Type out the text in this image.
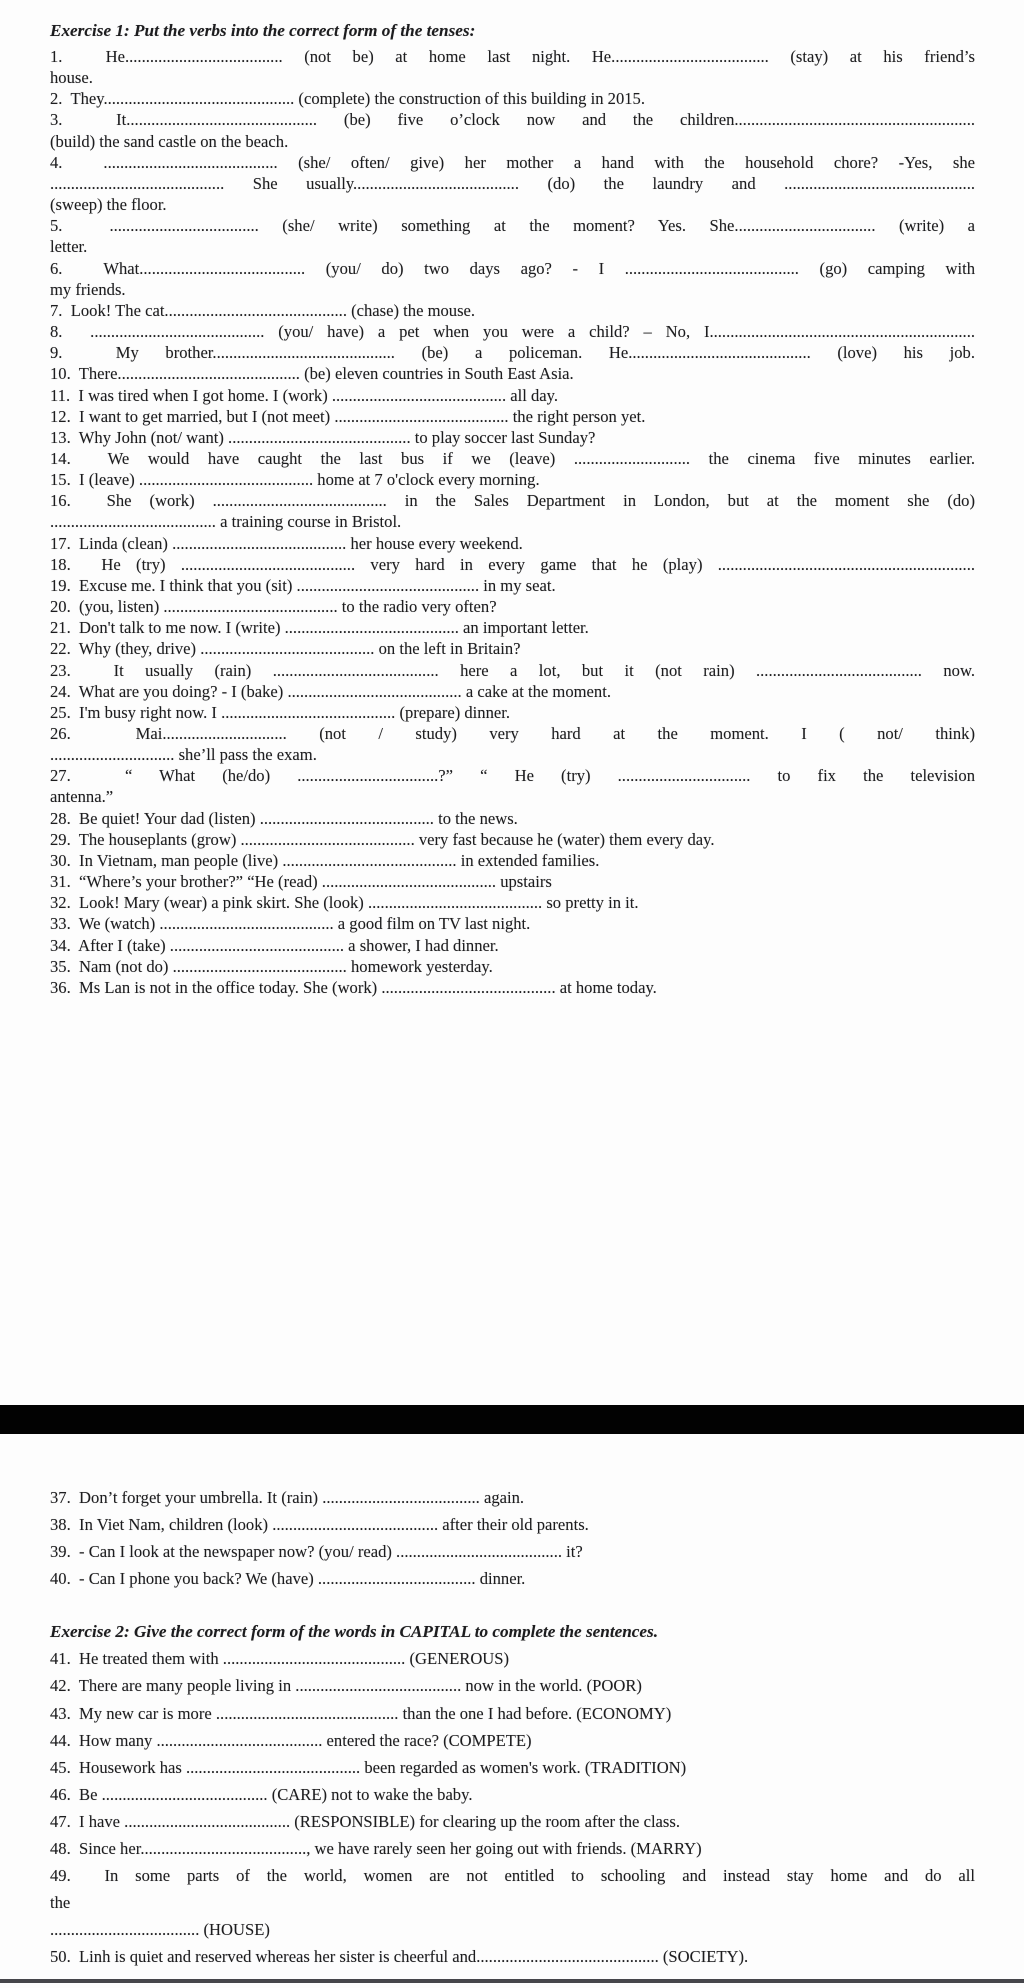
Exercise 1: Put the verbs into the correct form of the tenses:

1.  He...................................... (not be) at home last night. He...................................... (stay) at his friend’s

house.

2.  They.............................................. (complete) the construction of this building in 2015.

3.  It.............................................. (be) five o’clock now and the children..........................................................

(build) the sand castle on the beach.

4.  .......................................... (she/ often/ give) her mother a hand with the household chore? -Yes, she

.......................................... She usually........................................ (do) the laundry and ..............................................

(sweep) the floor.

5.  .................................... (she/ write) something at the moment? Yes. She.................................. (write) a

letter.

6.  What........................................ (you/ do) two days ago? - I .......................................... (go) camping with

my friends.

7.  Look! The cat............................................ (chase) the mouse.

8.  .......................................... (you/ have) a pet when you were a child? – No, I................................................................

9.  My brother............................................ (be) a policeman. He............................................ (love) his job.

10.  There............................................ (be) eleven countries in South East Asia.

11.  I was tired when I got home. I (work) .......................................... all day.

12.  I want to get married, but I (not meet) .......................................... the right person yet.

13.  Why John (not/ want) ............................................ to play soccer last Sunday?

14.  We would have caught the last bus if we (leave) ............................ the cinema five minutes earlier.

15.  I (leave) .......................................... home at 7 o'clock every morning.

16.  She (work) .......................................... in the Sales Department in London, but at the moment she (do)

........................................ a training course in Bristol.

17.  Linda (clean) .......................................... her house every weekend.

18.  He (try) .......................................... very hard in every game that he (play) ..............................................................

19.  Excuse me. I think that you (sit) ............................................ in my seat.

20.  (you, listen) .......................................... to the radio very often?

21.  Don't talk to me now. I (write) .......................................... an important letter.

22.  Why (they, drive) .......................................... on the left in Britain?

23.  It usually (rain) ........................................ here a lot, but it (not rain) ........................................ now.

24.  What are you doing? - I (bake) .......................................... a cake at the moment.

25.  I'm busy right now. I .......................................... (prepare) dinner.

26.  Mai.............................. (not / study) very hard at the moment. I ( not/ think)

.............................. she’ll pass the exam.

27.  “ What (he/do) ..................................?” “ He (try) ................................ to fix the television

antenna.”

28.  Be quiet! Your dad (listen) .......................................... to the news.

29.  The houseplants (grow) .......................................... very fast because he (water) them every day.

30.  In Vietnam, man people (live) .......................................... in extended families.

31.  “Where’s your brother?” “He (read) .......................................... upstairs

32.  Look! Mary (wear) a pink skirt. She (look) .......................................... so pretty in it.

33.  We (watch) .......................................... a good film on TV last night.

34.  After I (take) .......................................... a shower, I had dinner.

35.  Nam (not do) .......................................... homework yesterday.

36.  Ms Lan is not in the office today. She (work) .......................................... at home today.

37.  Don’t forget your umbrella. It (rain) ...................................... again.

38.  In Viet Nam, children (look) ........................................ after their old parents.

39.  - Can I look at the newspaper now? (you/ read) ........................................ it?

40.  - Can I phone you back? We (have) ...................................... dinner.

Exercise 2: Give the correct form of the words in CAPITAL to complete the sentences.

41.  He treated them with ............................................ (GENEROUS)

42.  There are many people living in ........................................ now in the world. (POOR)

43.  My new car is more ............................................ than the one I had before. (ECONOMY)

44.  How many ........................................ entered the race? (COMPETE)

45.  Housework has .......................................... been regarded as women's work. (TRADITION)

46.  Be ........................................ (CARE) not to wake the baby.

47.  I have ........................................ (RESPONSIBLE) for clearing up the room after the class.

48.  Since her........................................, we have rarely seen her going out with friends. (MARRY)

49.  In some parts of the world, women are not entitled to schooling and instead stay home and do all

the

.................................... (HOUSE)

50.  Linh is quiet and reserved whereas her sister is cheerful and............................................ (SOCIETY).
